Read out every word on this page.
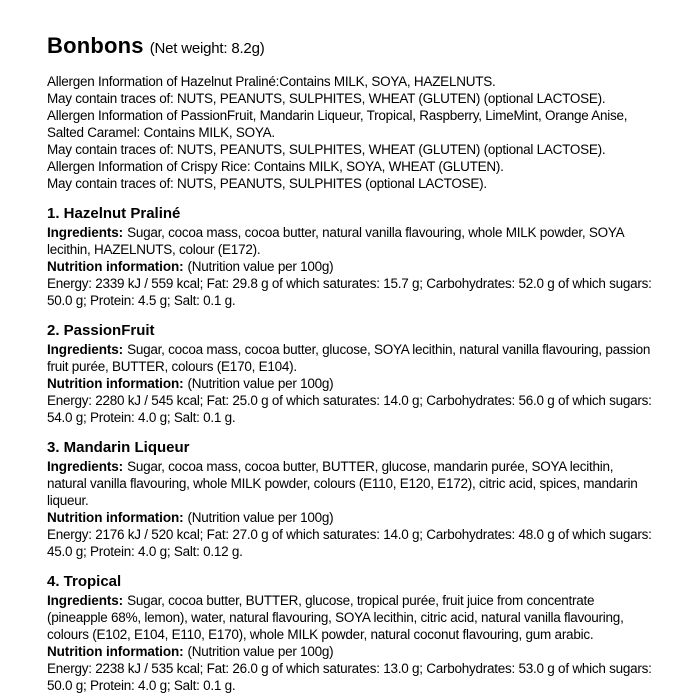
Bonbons (Net weight: 8.2g)

Allergen Information of Hazelnut Praliné:Contains MILK, SOYA, HAZELNUTS.

May contain traces of: NUTS, PEANUTS, SULPHITES, WHEAT (GLUTEN) (optional LACTOSE).

Allergen Information of PassionFruit, Mandarin Liqueur, Tropical, Raspberry, LimeMint, Orange Anise, Salted Caramel: Contains MILK, SOYA.

May contain traces of: NUTS, PEANUTS, SULPHITES, WHEAT (GLUTEN) (optional LACTOSE).

Allergen Information of Crispy Rice: Contains MILK, SOYA, WHEAT (GLUTEN).

May contain traces of: NUTS, PEANUTS, SULPHITES (optional LACTOSE).

1. Hazelnut Praliné

Ingredients: Sugar, cocoa mass, cocoa butter, natural vanilla flavouring, whole MILK powder, SOYA lecithin, HAZELNUTS, colour (E172).

Nutrition information: (Nutrition value per 100g)

Energy: 2339 kJ / 559 kcal; Fat: 29.8 g of which saturates: 15.7 g; Carbohydrates: 52.0 g of which sugars: 50.0 g; Protein: 4.5 g; Salt: 0.1 g.

2. PassionFruit

Ingredients: Sugar, cocoa mass, cocoa butter, glucose, SOYA lecithin, natural vanilla flavouring, passion fruit purée, BUTTER, colours (E170, E104).

Nutrition information: (Nutrition value per 100g)

Energy: 2280 kJ / 545 kcal; Fat: 25.0 g of which saturates: 14.0 g; Carbohydrates: 56.0 g of which sugars: 54.0 g; Protein: 4.0 g; Salt: 0.1 g.

3. Mandarin Liqueur

Ingredients: Sugar, cocoa mass, cocoa butter, BUTTER, glucose, mandarin purée, SOYA lecithin, natural vanilla flavouring, whole MILK powder, colours (E110, E120, E172), citric acid, spices, mandarin liqueur.

Nutrition information: (Nutrition value per 100g)

Energy: 2176 kJ / 520 kcal; Fat: 27.0 g of which saturates: 14.0 g; Carbohydrates: 48.0 g of which sugars: 45.0 g; Protein: 4.0 g; Salt: 0.12 g.

4. Tropical

Ingredients: Sugar, cocoa butter, BUTTER, glucose, tropical purée, fruit juice from concentrate (pineapple 68%, lemon), water, natural flavouring, SOYA lecithin, citric acid, natural vanilla flavouring, colours (E102, E104, E110, E170), whole MILK powder, natural coconut flavouring, gum arabic.

Nutrition information: (Nutrition value per 100g)

Energy: 2238 kJ / 535 kcal; Fat: 26.0 g of which saturates: 13.0 g; Carbohydrates: 53.0 g of which sugars: 50.0 g; Protein: 4.0 g; Salt: 0.1 g.
